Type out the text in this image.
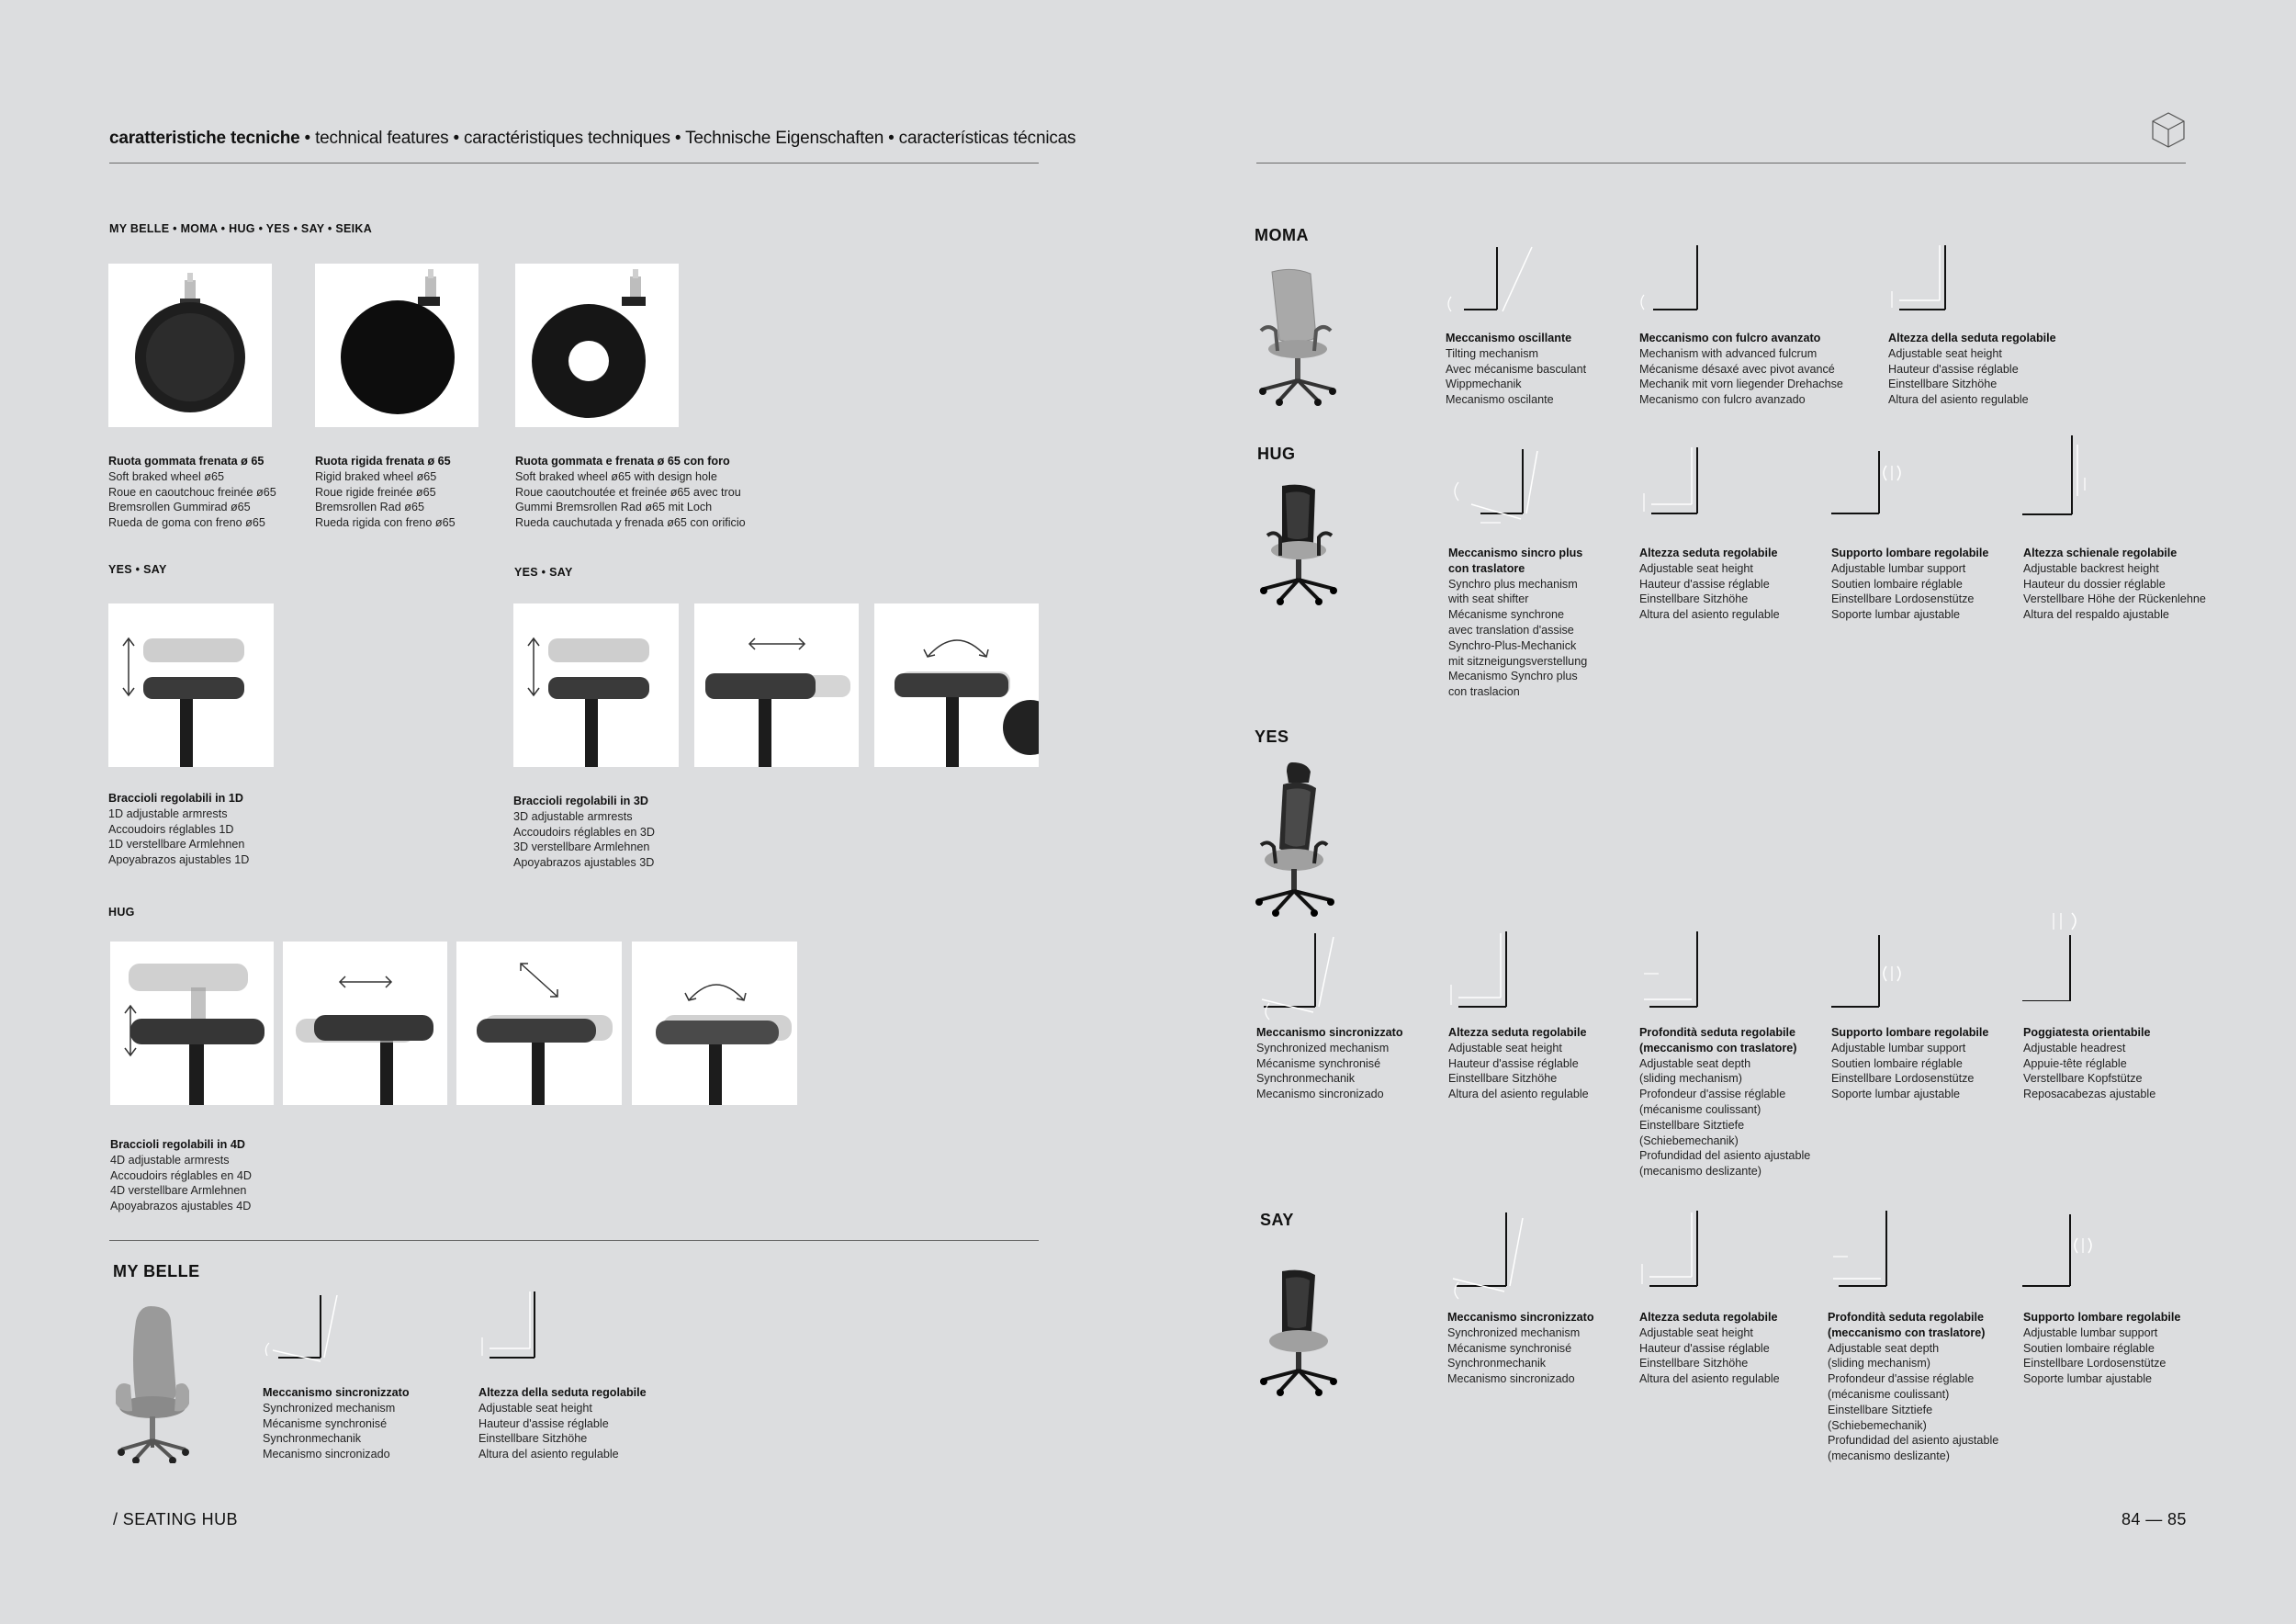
caratteristiche tecniche • technical features • caractéristiques techniques • Technische Eigenschaften • características técnicas
MY BELLE • MOMA • HUG • YES • SAY • SEIKA
Ruota gommata frenata ø 65
Soft braked wheel ø65
Roue en caoutchouc freinée ø65
Bremsrollen Gummirad ø65
Rueda de goma con freno ø65
Ruota rigida frenata ø 65
Rigid braked wheel ø65
Roue rigide freinée ø65
Bremsrollen Rad ø65
Rueda rigida con freno ø65
Ruota gommata e frenata ø 65 con foro
Soft braked wheel ø65 with design hole
Roue caoutchoutée et freinée ø65 avec trou
Gummi Bremsrollen Rad ø65 mit Loch
Rueda cauchutada y frenada ø65 con orificio
YES • SAY
Braccioli regolabili in 1D
1D adjustable armrests
Accoudoirs réglables 1D
1D verstellbare Armlehnen
Apoyabrazos ajustables 1D
YES • SAY
Braccioli regolabili in 3D
3D adjustable armrests
Accoudoirs réglables en 3D
3D verstellbare Armlehnen
Apoyabrazos ajustables 3D
HUG
Braccioli regolabili in 4D
4D adjustable armrests
Accoudoirs réglables en 4D
4D verstellbare Armlehnen
Apoyabrazos ajustables 4D
MY BELLE
Meccanismo sincronizzato
Synchronized mechanism
Mécanisme synchronisé
Synchronmechanik
Mecanismo sincronizado
Altezza della seduta regolabile
Adjustable seat height
Hauteur d'assise réglable
Einstellbare Sitzhöhe
Altura del asiento regulable
/ SEATING HUB
MOMA
Meccanismo oscillante
Tilting mechanism
Avec mécanisme basculant
Wippmechanik
Mecanismo oscilante
Meccanismo con fulcro avanzato
Mechanism with advanced fulcrum
Mécanisme désaxé avec pivot avancé
Mechanik mit vorn liegender Drehachse
Mecanismo con fulcro avanzado
Altezza della seduta regolabile
Adjustable seat height
Hauteur d'assise réglable
Einstellbare Sitzhöhe
Altura del asiento regulable
HUG
Meccanismo sincro plus con traslatore
Synchro plus mechanism
with seat shifter
Mécanisme synchrone
avec translation d'assise
Synchro-Plus-Mechanick
mit sitzneigungsverstellung
Mecanismo Synchro plus
con traslacion
Altezza seduta regolabile
Adjustable seat height
Hauteur d'assise réglable
Einstellbare Sitzhöhe
Altura del asiento regulable
Supporto lombare regolabile
Adjustable lumbar support
Soutien lombaire réglable
Einstellbare Lordosenstütze
Soporte lumbar ajustable
Altezza schienale regolabile
Adjustable backrest height
Hauteur du dossier réglable
Verstellbare Höhe der Rückenlehne
Altura del respaldo ajustable
YES
Meccanismo sincronizzato
Synchronized mechanism
Mécanisme synchronisé
Synchronmechanik
Mecanismo sincronizado
Altezza seduta regolabile
Adjustable seat height
Hauteur d'assise réglable
Einstellbare Sitzhöhe
Altura del asiento regulable
Profondità seduta regolabile (meccanismo con traslatore)
Adjustable seat depth
(sliding mechanism)
Profondeur d'assise réglable
(mécanisme coulissant)
Einstellbare Sitztiefe
(Schiebemechanik)
Profundidad del asiento ajustable
(mecanismo deslizante)
Supporto lombare regolabile
Adjustable lumbar support
Soutien lombaire réglable
Einstellbare Lordosenstütze
Soporte lumbar ajustable
Poggiatesta orientabile
Adjustable headrest
Appuie-tête réglable
Verstellbare Kopfstütze
Reposacabezas ajustable
SAY
Meccanismo sincronizzato
Synchronized mechanism
Mécanisme synchronisé
Synchronmechanik
Mecanismo sincronizado
Altezza seduta regolabile
Adjustable seat height
Hauteur d'assise réglable
Einstellbare Sitzhöhe
Altura del asiento regulable
Profondità seduta regolabile (meccanismo con traslatore)
Adjustable seat depth
(sliding mechanism)
Profondeur d'assise réglable
(mécanisme coulissant)
Einstellbare Sitztiefe
(Schiebemechanik)
Profundidad del asiento ajustable
(mecanismo deslizante)
Supporto lombare regolabile
Adjustable lumbar support
Soutien lombaire réglable
Einstellbare Lordosenstütze
Soporte lumbar ajustable
84 — 85
